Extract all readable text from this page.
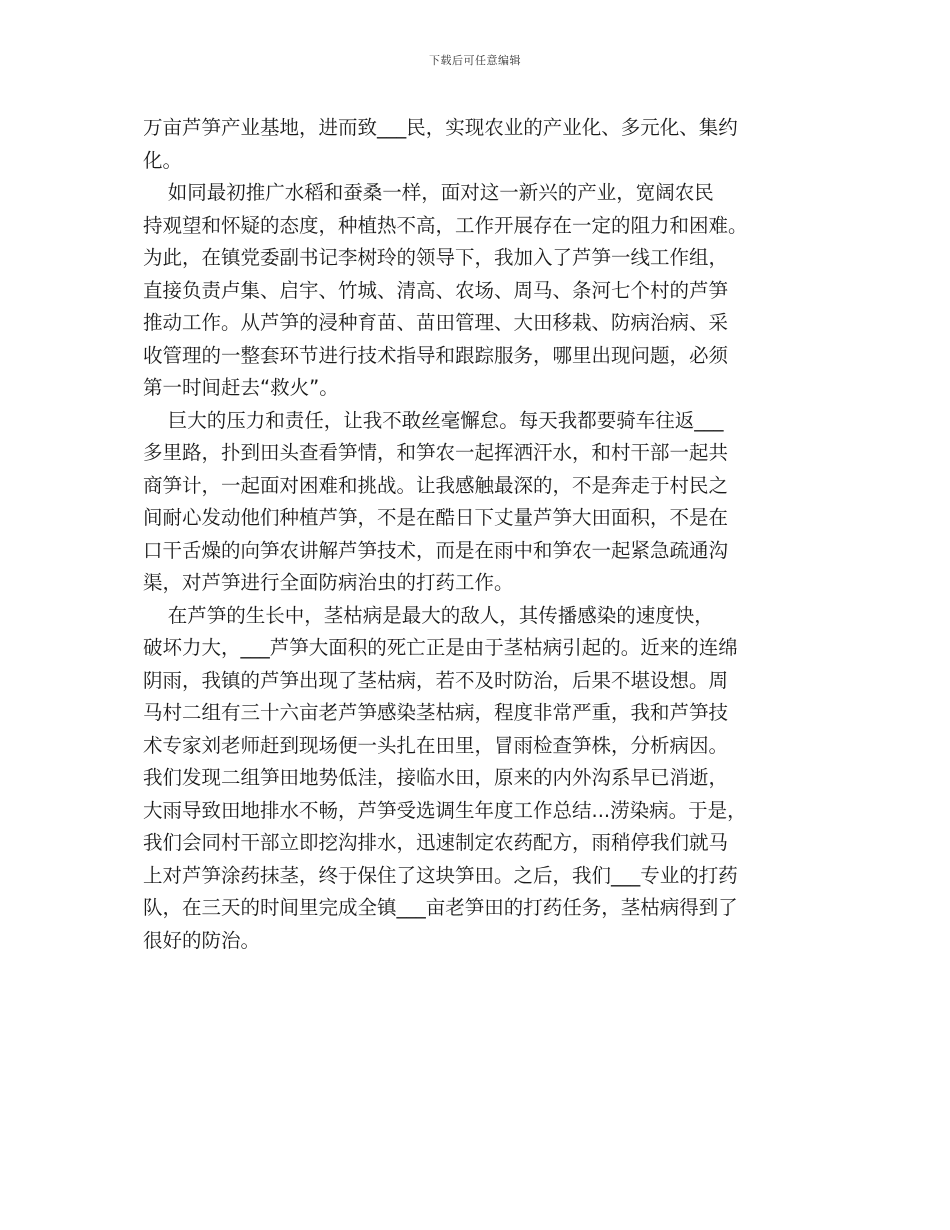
下载后可任意编辑
万亩芦笋产业基地，进而致___民，实现农业的产业化、多元化、集约
化。
如同最初推广水稻和蚕桑一样，面对这一新兴的产业，宽阔农民
持观望和怀疑的态度，种植热不高，工作开展存在一定的阻力和困难。
为此，在镇党委副书记李树玲的领导下，我加入了芦笋一线工作组，
直接负责卢集、启宇、竹城、清高、农场、周马、条河七个村的芦笋
推动工作。从芦笋的浸种育苗、苗田管理、大田移栽、防病治病、采
收管理的一整套环节进行技术指导和跟踪服务，哪里出现问题，必须
第一时间赶去“救火”。
巨大的压力和责任，让我不敢丝毫懈怠。每天我都要骑车往返___
多里路，扑到田头查看笋情，和笋农一起挥洒汗水，和村干部一起共
商笋计，一起面对困难和挑战。让我感触最深的，不是奔走于村民之
间耐心发动他们种植芦笋，不是在酷日下丈量芦笋大田面积，不是在
口干舌燥的向笋农讲解芦笋技术，而是在雨中和笋农一起紧急疏通沟
渠，对芦笋进行全面防病治虫的打药工作。
在芦笋的生长中，茎枯病是最大的敌人，其传播感染的速度快，
破坏力大，___芦笋大面积的死亡正是由于茎枯病引起的。近来的连绵
阴雨，我镇的芦笋出现了茎枯病，若不及时防治，后果不堪设想。周
马村二组有三十六亩老芦笋感染茎枯病，程度非常严重，我和芦笋技
术专家刘老师赶到现场便一头扎在田里，冒雨检查笋株，分析病因。
我们发现二组笋田地势低洼，接临水田，原来的内外沟系早已消逝，
大雨导致田地排水不畅，芦笋受选调生年度工作总结...涝染病。于是，
我们会同村干部立即挖沟排水，迅速制定农药配方，雨稍停我们就马
上对芦笋涂药抹茎，终于保住了这块笋田。之后，我们___专业的打药
队，在三天的时间里完成全镇___亩老笋田的打药任务，茎枯病得到了
很好的防治。
